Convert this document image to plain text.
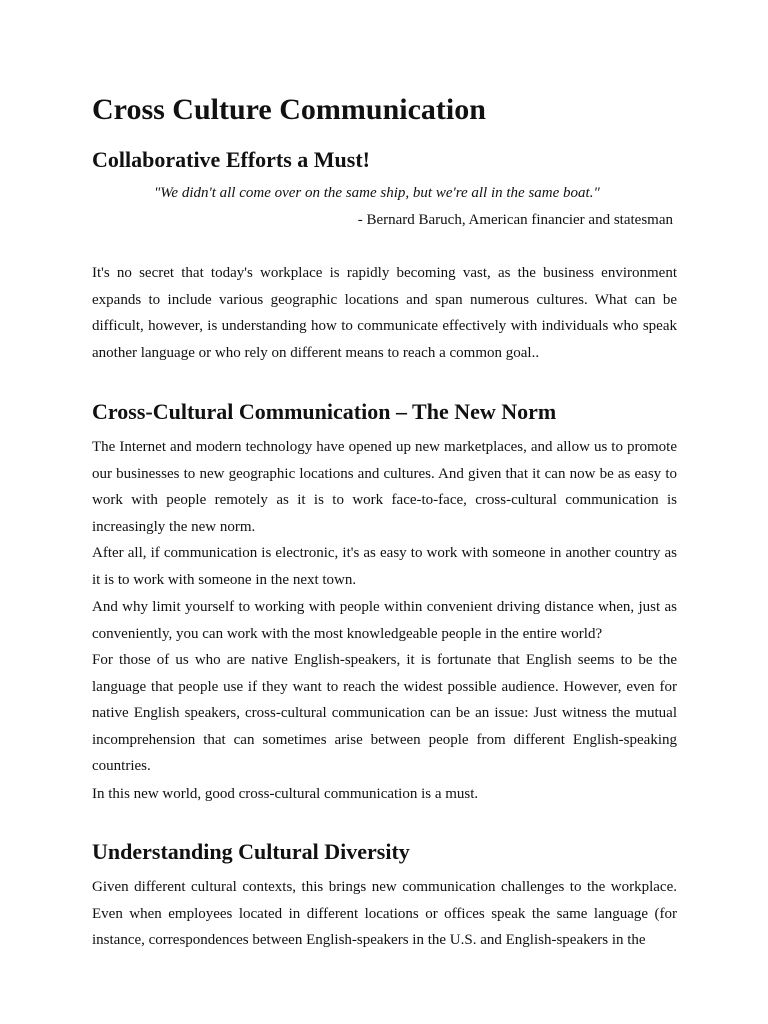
Cross Culture Communication
Collaborative Efforts a Must!

"We didn't all come over on the same ship, but we're all in the same boat."

- Bernard Baruch, American financier and statesman

It's no secret that today's workplace is rapidly becoming vast, as the business environment expands to include various geographic locations and span numerous cultures. What can be difficult, however, is understanding how to communicate effectively with individuals who speak another language or who rely on different means to reach a common goal..

Cross-Cultural Communication – The New Norm

The Internet and modern technology have opened up new marketplaces, and allow us to promote our businesses to new geographic locations and cultures. And given that it can now be as easy to work with people remotely as it is to work face-to-face, cross-cultural communication is increasingly the new norm.

After all, if communication is electronic, it's as easy to work with someone in another country as it is to work with someone in the next town.

And why limit yourself to working with people within convenient driving distance when, just as conveniently, you can work with the most knowledgeable people in the entire world?

For those of us who are native English-speakers, it is fortunate that English seems to be the language that people use if they want to reach the widest possible audience. However, even for native English speakers, cross-cultural communication can be an issue: Just witness the mutual incomprehension that can sometimes arise between people from different English-speaking countries.

In this new world, good cross-cultural communication is a must.

Understanding Cultural Diversity

Given different cultural contexts, this brings new communication challenges to the workplace. Even when employees located in different locations or offices speak the same language (for instance, correspondences between English-speakers in the U.S. and English-speakers in the
